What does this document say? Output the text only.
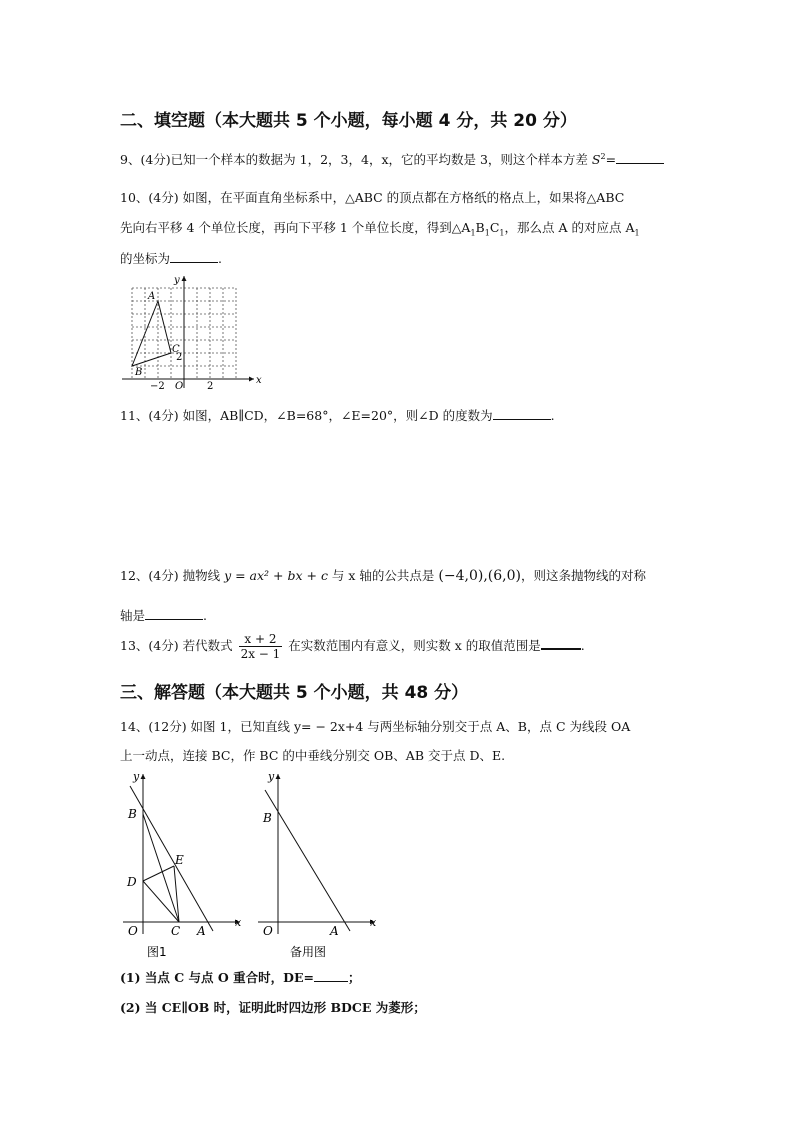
二、填空题（本大题共 5 个小题，每小题 4 分，共 20 分）
9、(4分)已知一个样本的数据为 1，2，3，4，x，它的平均数是 3，则这个样本方差 $S^2=$
10、(4分) 如图，在平面直角坐标系中，△ABC 的顶点都在方格纸的格点上，如果将△ABC
先向右平移 4 个单位长度，再向下平移 1 个单位长度，得到$\triangle A_1B_1C_1$，那么点 A 的对应点 $A_1$
的坐标为	.
A
B
C
O
x
y
−2	2
2
11、(4分) 如图，AB∥CD，∠B=68°，∠E=20°，则∠D 的度数为	.
12、(4分) 抛物线 y = ax² + bx + c 与 x 轴的公共点是 (−4,0),(6,0)，则这条抛物线的对称
轴是	.
13、(4分) 若代数式 $\frac{x + 2}{2x - 1}$ 在实数范围内有意义，则实数 x 的取值范围是	.
三、解答题（本大题共 5 个小题，共 48 分）
14、(12分) 如图 1，已知直线 y= − 2x+4 与两坐标轴分别交于点 A、B，点 C 为线段 OA
上一动点，连接 BC，作 BC 的中垂线分别交 OB、AB 交于点 D、E.
B
D
E
O	C A
x
y
图1
B
O	A
x
y
备用图
(1) 当点 C 与点 O 重合时，DE=	；
(2) 当 CE∥OB 时，证明此时四边形 BDCE 为菱形；
